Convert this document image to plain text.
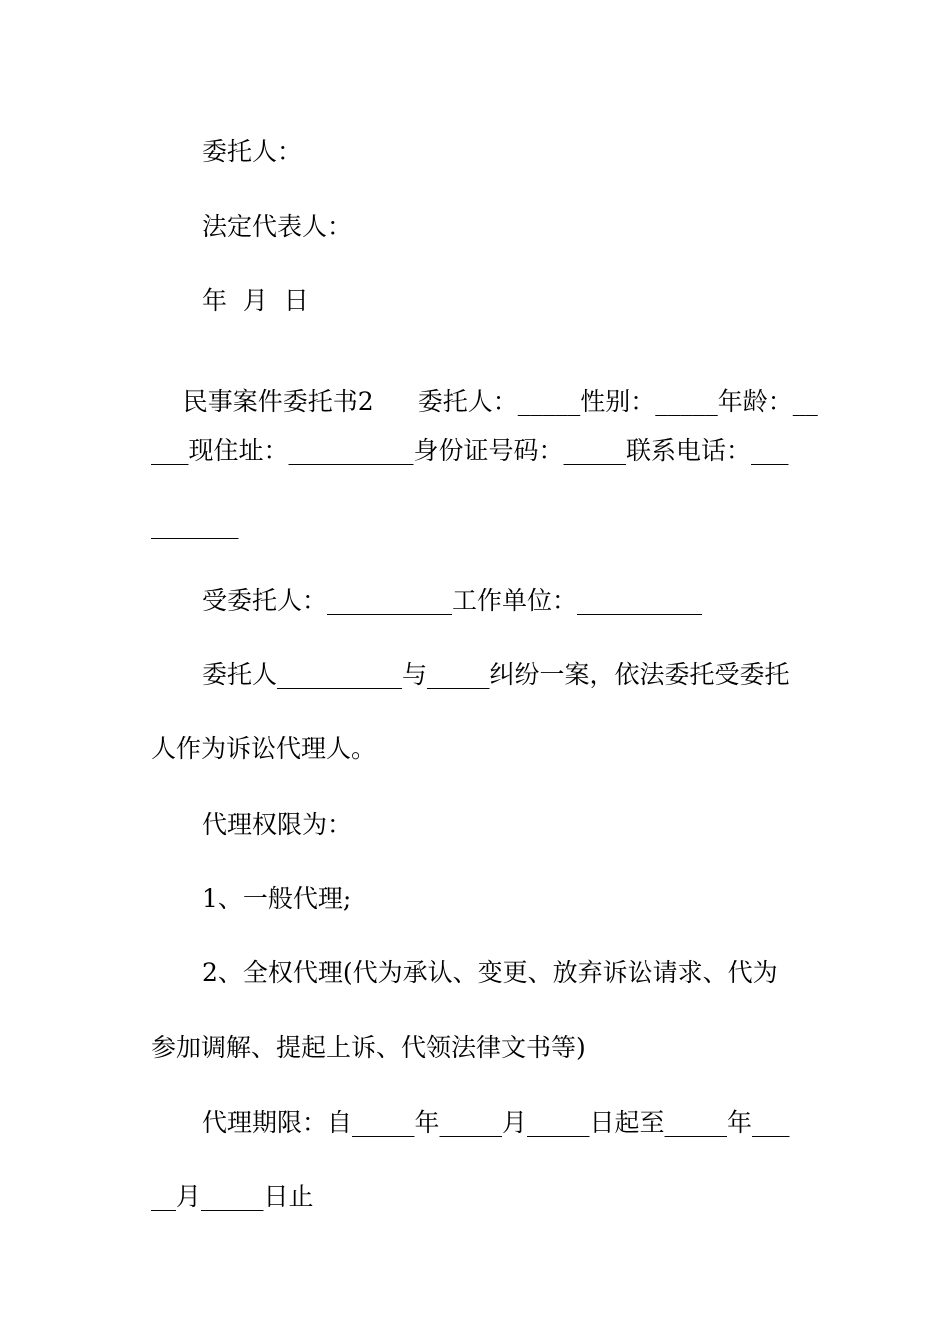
委托人：
法定代表人：
年  月  日

民事案件委托书2 委托人：_____性别：_____年龄：__

___现住址：__________身份证号码：_____联系电话：___
_______
受委托人：__________工作单位：__________
委托人__________与_____纠纷一案，依法委托受委托
人作为诉讼代理人。
代理权限为：
1、一般代理;
2、全权代理(代为承认、变更、放弃诉讼请求、代为
参加调解、提起上诉、代领法律文书等)
代理期限：自_____年_____月_____日起至_____年___
__月_____日止
